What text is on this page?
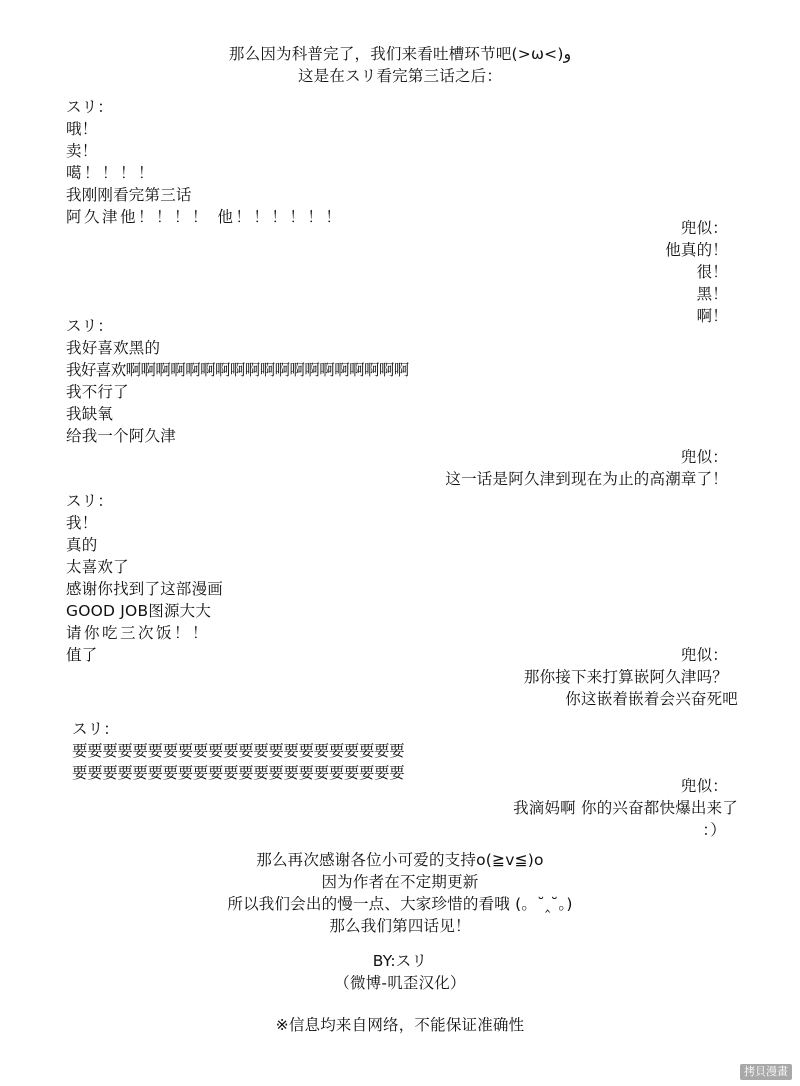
那么因为科普完了，我们来看吐槽环节吧(>ω<)و
这是在スリ看完第三话之后：
スリ：
哦！
卖！
噶！！！！
我刚刚看完第三话
阿久津他！！！！ 他！！！！！！
兜似：
他真的！
很！
黑！
啊！
スリ：
我好喜欢黑的
我好喜欢啊啊啊啊啊啊啊啊啊啊啊啊啊啊啊啊啊啊啊
我不行了
我缺氧
给我一个阿久津
兜似：
这一话是阿久津到现在为止的高潮章了！
スリ：
我！
真的
太喜欢了
感谢你找到了这部漫画
GOOD JOB图源大大
请你吃三次饭！！
值了	兜似：
那你接下来打算嵌阿久津吗？
你这嵌着嵌着会兴奋死吧
スリ：
要要要要要要要要要要要要要要要要要要要要要要
要要要要要要要要要要要要要要要要要要要要要要
兜似：
我滴妈啊 你的兴奋都快爆出来了
：）
那么再次感谢各位小可爱的支持o(≧v≦)o
因为作者在不定期更新
所以我们会出的慢一点、大家珍惜的看哦 (。˘‸˘。)
那么我们第四话见！
BY:スリ
（微博-叽歪汉化）
※信息均来自网络，不能保证准确性
拷貝漫畫
